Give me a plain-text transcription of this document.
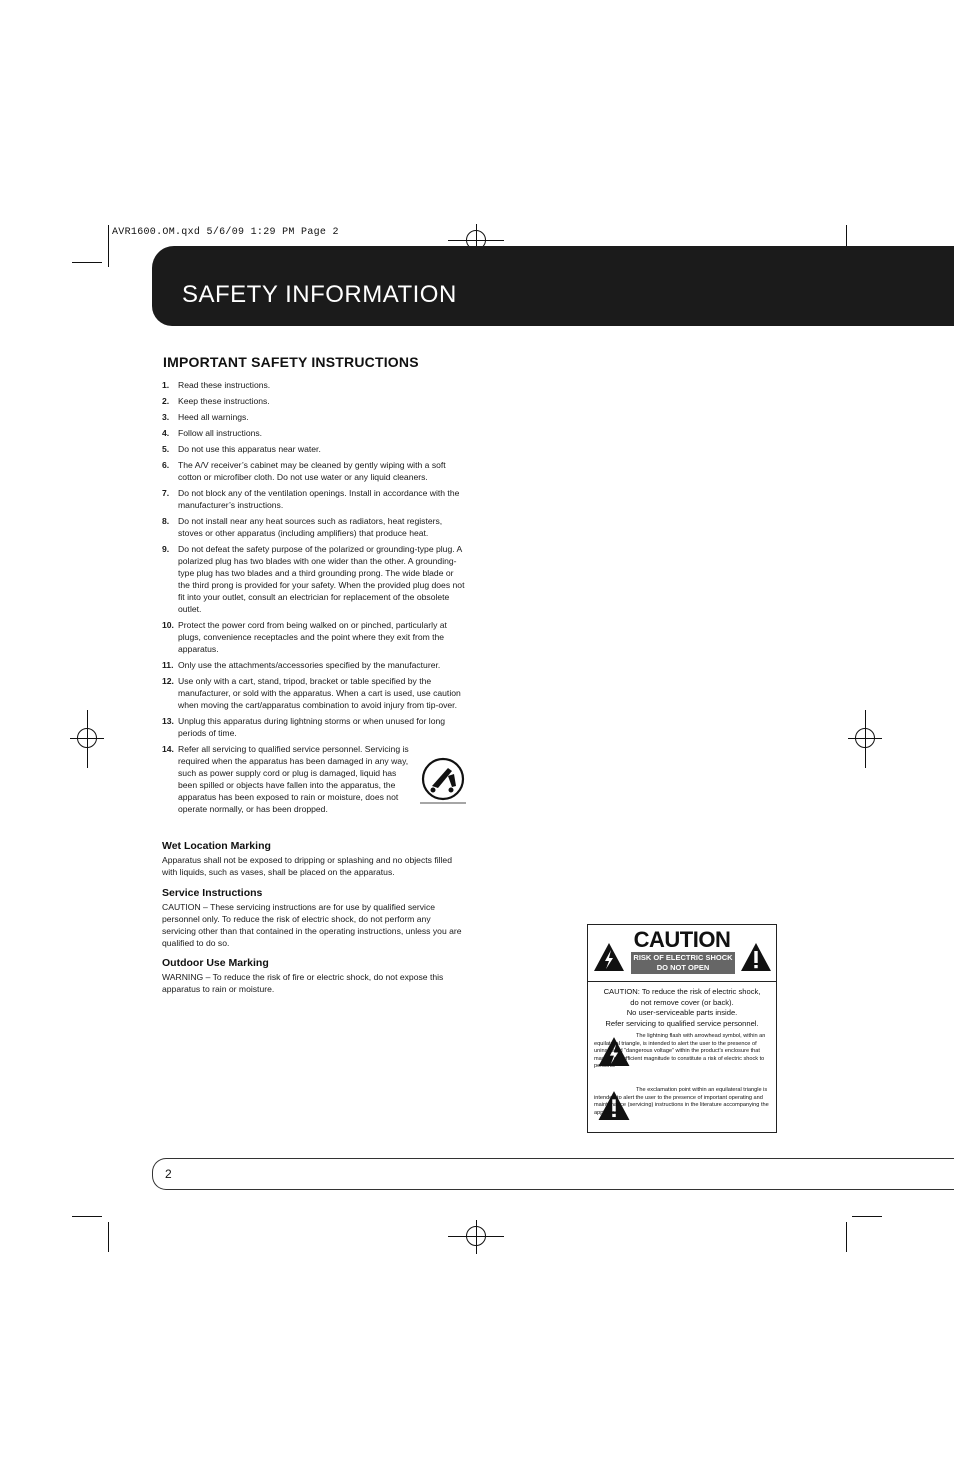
AVR1600.OM.qxd 5/6/09 1:29 PM Page 2
SAFETY INFORMATION
IMPORTANT SAFETY INSTRUCTIONS
1.	Read these instructions.
2.	Keep these instructions.
3.	Heed all warnings.
4.	Follow all instructions.
5.	Do not use this apparatus near water.
6.	The A/V receiver’s cabinet may be cleaned by gently wiping with a soft cotton or microfiber cloth. Do not use water or any liquid cleaners.
7.	Do not block any of the ventilation openings. Install in accordance with the manufacturer’s instructions.
8.	Do not install near any heat sources such as radiators, heat registers, stoves or other apparatus (including amplifiers) that produce heat.
9.	Do not defeat the safety purpose of the polarized or grounding-type plug. A polarized plug has two blades with one wider than the other. A grounding-type plug has two blades and a third grounding prong. The wide blade or the third prong is provided for your safety. When the provided plug does not fit into your outlet, consult an electrician for replacement of the obsolete outlet.
10. Protect the power cord from being walked on or pinched, particularly at plugs, convenience receptacles and the point where they exit from the apparatus.
11. Only use the attachments/accessories specified by the manufacturer.
12. Use only with a cart, stand, tripod, bracket or table specified by the manufacturer, or sold with the apparatus. When a cart is used, use caution when moving the cart/apparatus combination to avoid injury from tip-over.
13. Unplug this apparatus during lightning storms or when unused for long periods of time.
14. Refer all servicing to qualified service personnel. Servicing is required when the apparatus has been damaged in any way, such as power supply cord or plug is damaged, liquid has been spilled or objects have fallen into the apparatus, the apparatus has been exposed to rain or moisture, does not operate normally, or has been dropped.
Wet Location Marking

Apparatus shall not be exposed to dripping or splashing and no objects filled with liquids, such as vases, shall be placed on the apparatus.

Service Instructions

CAUTION – These servicing instructions are for use by qualified service personnel only. To reduce the risk of electric shock, do not perform any servicing other than that contained in the operating instructions, unless you are qualified to do so.

Outdoor Use Marking

WARNING – To reduce the risk of fire or electric shock, do not expose this apparatus to rain or moisture.

CAUTION
RISK OF ELECTRIC SHOCK
DO NOT OPEN
CAUTION: To reduce the risk of electric shock,
do not remove cover (or back).
No user-serviceable parts inside.
Refer servicing to qualified service personnel.
The lightning flash with arrowhead symbol, within an equilateral triangle, is intended to alert the user to the presence of uninsulated “dangerous voltage” within the product’s enclosure that may be of sufficient magnitude to constitute a risk of electric shock to persons.
The exclamation point within an equilateral triangle is intended to alert the user to the presence of important operating and maintenance (servicing) instructions in the literature accompanying the appliance.
2
